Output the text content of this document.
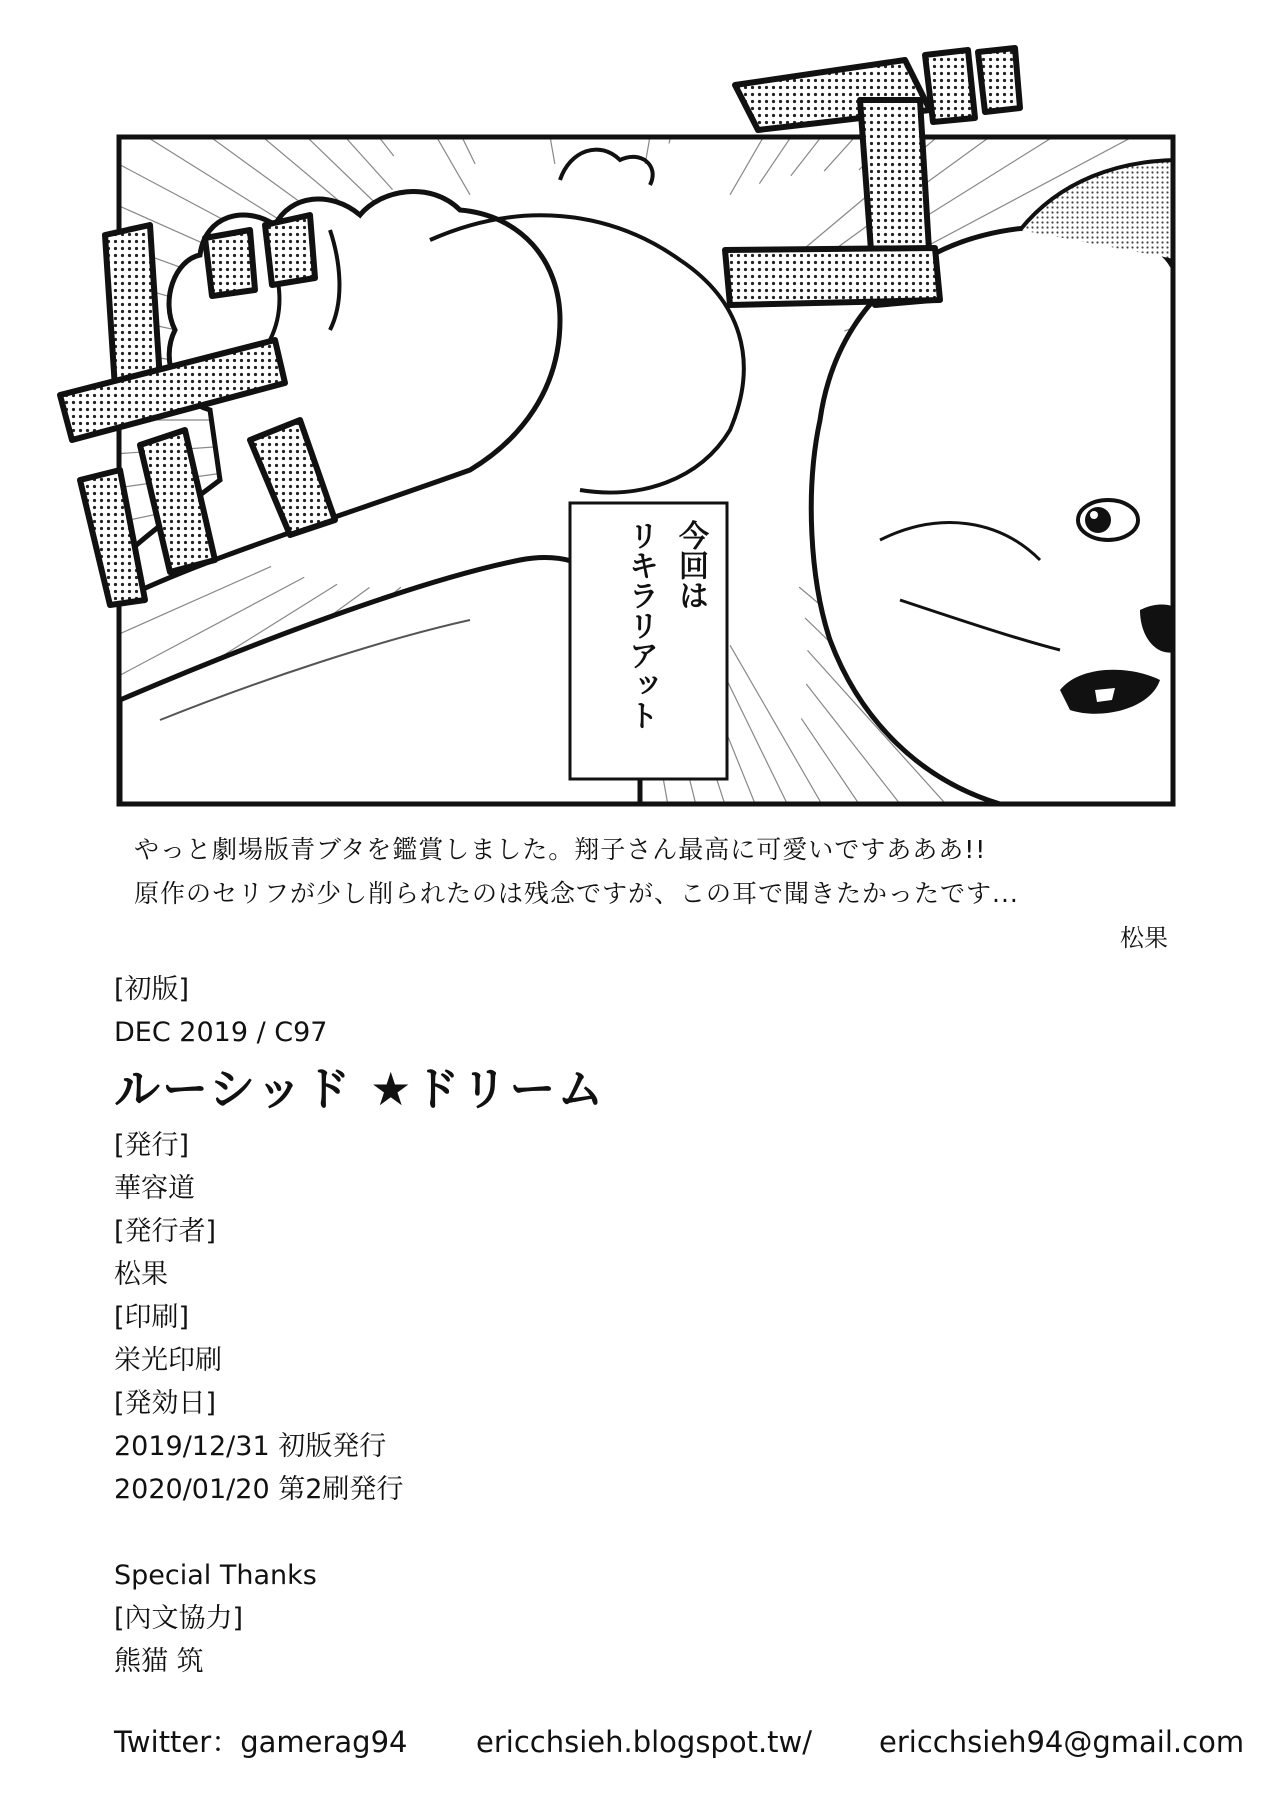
今回は
リキラリアット
やっと劇場版青ブタを鑑賞しました。翔子さん最高に可愛いですあああ!!
原作のセリフが少し削られたのは残念ですが、この耳で聞きたかったです...
松果
[初版]
DEC 2019 / C97
ルーシッド ★ドリーム
[発行]
華容道
[発行者]
松果
[印刷]
栄光印刷
[発効日]
2019/12/31 初版発行
2020/01/20 第2刷発行
Special Thanks
[內文協力]
熊猫 筑
Twitter：gamerag94 ericchsieh.blogspot.tw/ ericchsieh94@gmail.com
